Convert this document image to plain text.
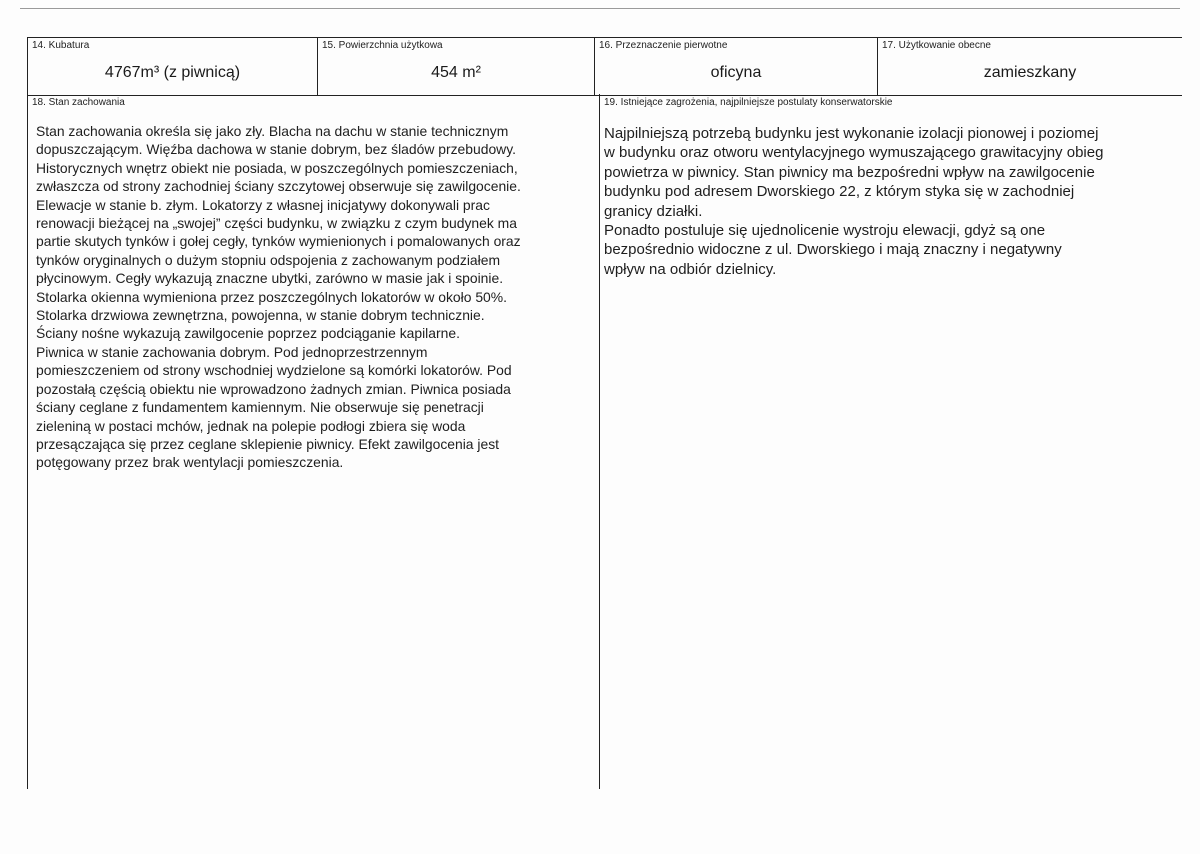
14. Kubatura
4767m³ (z piwnicą)
15. Powierzchnia użytkowa
454 m²
16. Przeznaczenie pierwotne
oficyna
17. Użytkowanie obecne
zamieszkany
18. Stan zachowania
Stan zachowania określa się jako zły. Blacha na dachu w stanie technicznym
dopuszczającym. Więźba dachowa w stanie dobrym, bez śladów przebudowy.
Historycznych wnętrz obiekt nie posiada, w poszczególnych pomieszczeniach,
zwłaszcza od strony zachodniej ściany szczytowej obserwuje się zawilgocenie.
Elewacje w stanie b. złym. Lokatorzy z własnej inicjatywy dokonywali prac
renowacji bieżącej na „swojej” części budynku, w związku z czym budynek ma
partie skutych tynków i gołej cegły, tynków wymienionych i pomalowanych oraz
tynków oryginalnych o dużym stopniu odspojenia z zachowanym podziałem
płycinowym. Cegły wykazują znaczne ubytki, zarówno w masie jak i spoinie.
Stolarka okienna wymieniona przez poszczególnych lokatorów w około 50%.
Stolarka drzwiowa zewnętrzna, powojenna, w stanie dobrym technicznie.
Ściany nośne wykazują zawilgocenie poprzez podciąganie kapilarne.
Piwnica w stanie zachowania dobrym. Pod jednoprzestrzennym
pomieszczeniem od strony wschodniej wydzielone są komórki lokatorów. Pod
pozostałą częścią obiektu nie wprowadzono żadnych zmian. Piwnica posiada
ściany ceglane z fundamentem kamiennym. Nie obserwuje się penetracji
zieleniną w postaci mchów, jednak na polepie podłogi zbiera się woda
przesączająca się przez ceglane sklepienie piwnicy. Efekt zawilgocenia jest
potęgowany przez brak wentylacji pomieszczenia.
19. Istniejące zagrożenia, najpilniejsze postulaty konserwatorskie
Najpilniejszą potrzebą budynku jest wykonanie izolacji pionowej i poziomej
w budynku oraz otworu wentylacyjnego wymuszającego grawitacyjny obieg
powietrza w piwnicy. Stan piwnicy ma bezpośredni wpływ na zawilgocenie
budynku pod adresem Dworskiego 22, z którym styka się w zachodniej
granicy działki.
Ponadto postuluje się ujednolicenie wystroju elewacji, gdyż są one
bezpośrednio widoczne z ul. Dworskiego i mają znaczny i negatywny
wpływ na odbiór dzielnicy.
